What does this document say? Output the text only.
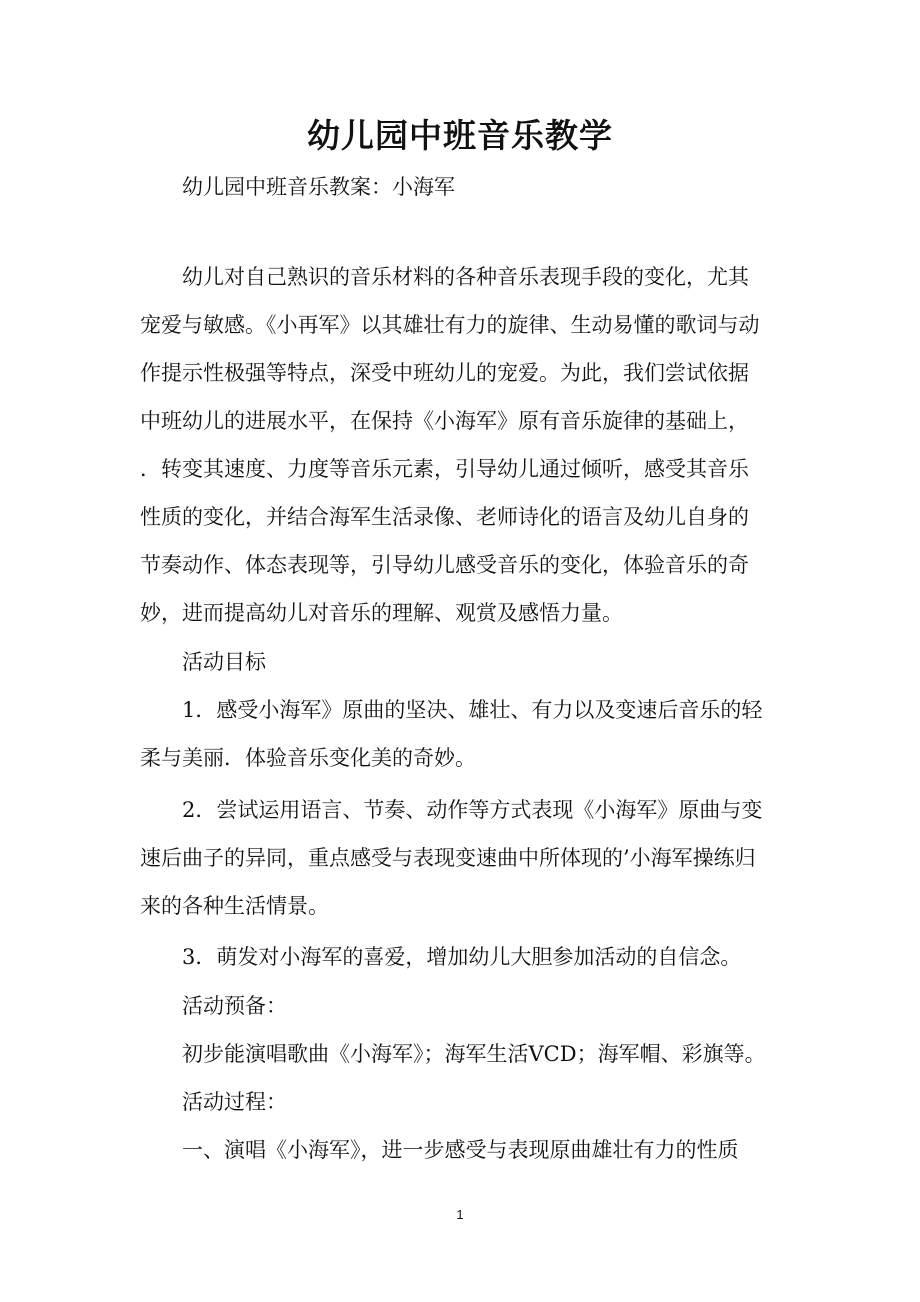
幼儿园中班音乐教学

　　幼儿园中班音乐教案：小海军

　　幼儿对自己熟识的音乐材料的各种音乐表现手段的变化，尤其

宠爱与敏感。《小再军》以其雄壮有力的旋律、生动易懂的歌词与动

作提示性极强等特点，深受中班幼儿的宠爱。为此，我们尝试依据

中班幼儿的进展水平，在保持《小海军》原有音乐旋律的基础上，

．转变其速度、力度等音乐元素，引导幼儿通过倾听，感受其音乐

性质的变化，并结合海军生活录像、老师诗化的语言及幼儿自身的

节奏动作、体态表现等，引导幼儿感受音乐的变化，体验音乐的奇

妙，进而提高幼儿对音乐的理解、观赏及感悟力量。

　　活动目标

　　1．感受小海军》原曲的坚决、雄壮、有力以及变速后音乐的轻

柔与美丽．体验音乐变化美的奇妙。

　　2．尝试运用语言、节奏、动作等方式表现《小海军》原曲与变

速后曲子的异同，重点感受与表现变速曲中所体现的’小海军操练归

来的各种生活情景。

　　3．萌发对小海军的喜爱，增加幼儿大胆参加活动的自信念。

　　活动预备：

　　初步能演唱歌曲《小海军》；海军生活VCD；海军帽、彩旗等。

　　活动过程：

　　一、演唱《小海军》，进一步感受与表现原曲雄壮有力的性质

1
